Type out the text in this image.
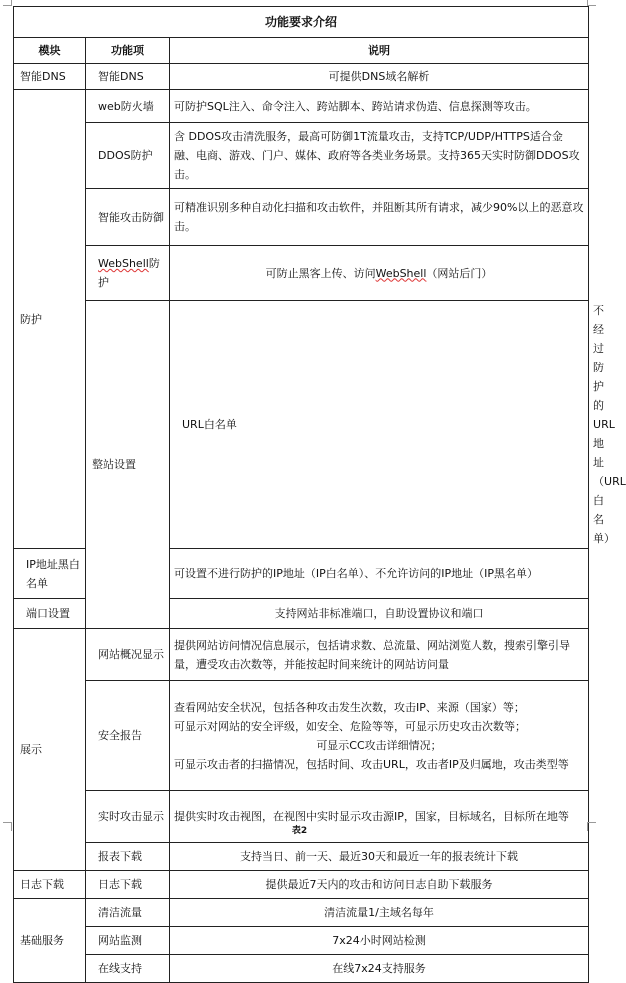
功能要求介绍			
模块	功能项	说明	
智能DNS	智能DNS	可提供DNS域名解析	
防护	web防火墙	可防护SQL注入、命令注入、跨站脚本、跨站请求伪造、信息探测等攻击。	
	DDOS防护	含 DDOS攻击清洗服务，最高可防御1T流量攻击，支持TCP/UDP/HTTPS适合金融、电商、游戏、门户、媒体、政府等各类业务场景。支持365天实时防御DDOS攻击。	
	智能攻击防御	可精准识别多种自动化扫描和攻击软件，并阻断其所有请求，减少90%以上的恶意攻击。	
	WebShell防护	可防止黑客上传、访问WebShell（网站后门）	
	整站设置	URL白名单	不经过防护的URL地址（URL白名单）
IP地址黑白名单		可设置不进行防护的IP地址（IP白名单）、不允许访问的IP地址（IP黑名单）	
端口设置		支持网站非标准端口，自助设置协议和端口	
展示	网站概况显示	提供网站访问情况信息展示，包括请求数、总流量、网站浏览人数，搜索引擎引导量，遭受攻击次数等，并能按起时间来统计的网站访问量	
	安全报告	查看网站安全状况，包括各种攻击发生次数，攻击IP、来源（国家）等；
可显示对网站的安全评级，如安全、危险等等，可显示历史攻击次数等；
可显示CC攻击详细情况；
可显示攻击者的扫描情况，包括时间、攻击URL，攻击者IP及归属地，攻击类型等	

	实时攻击显示	提供实时攻击视图，在视图中实时显示攻击源IP，国家，目标域名，目标所在地等	
	报表下载	支持当日、前一天、最近30天和最近一年的报表统计下载	
日志下载	日志下载	提供最近7天内的攻击和访问日志自助下载服务	
基础服务	清洁流量	清洁流量1/主域名每年	
	网站监测	7x24小时网站检测	
	在线支持	在线7x24支持服务	
表2
